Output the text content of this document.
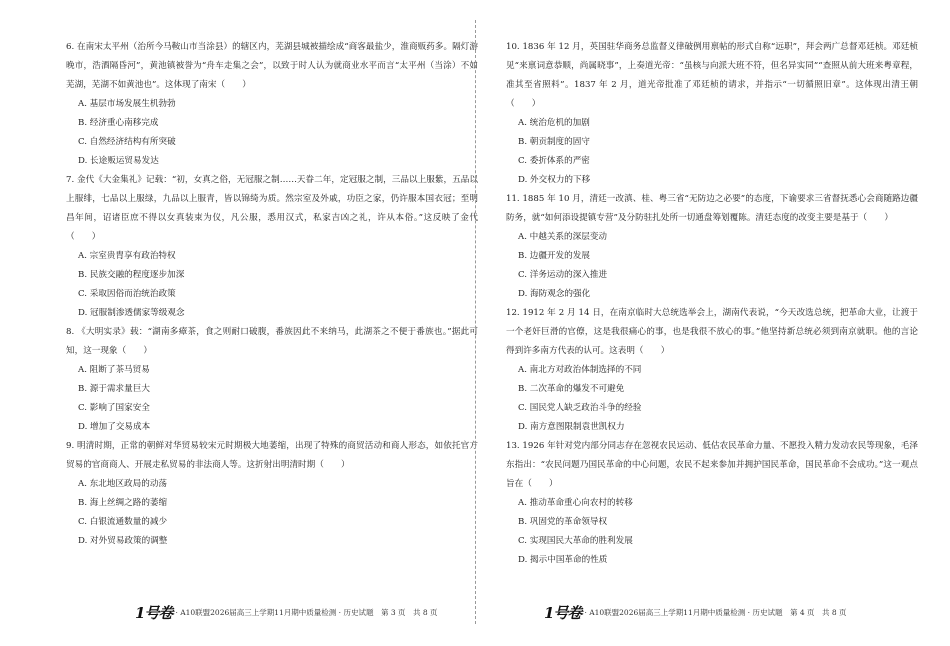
6. 在南宋太平州（治所今马鞍山市当涂县）的辖区内，芜湖县城被描绘成“商客最盐少，淮商贩药多。隔灯游晚市，浩酒隔昏河”，黄池镇被誉为“舟车走集之会”，以致于时人认为就商业水平而言“太平州（当涂）不如芜湖，芜湖不如黄池也”。这体现了南宋（　　）

A. 基层市场发展生机勃勃

B. 经济重心南移完成

C. 自然经济结构有所突破

D. 长途贩运贸易发达

7. 金代《大金集礼》记载：“初，女真之俗，无冠服之制……天眷二年，定冠服之制，三品以上服紫，五品以上服绯，七品以上服绿，九品以上服青，皆以锦绮为质。然宗室及外戚，功臣之家，仍许服本国衣冠；至明昌年间，诏诸臣庶不得以女真装束为仪，凡公服，悉用汉式，私家吉凶之礼，许从本俗。”这反映了金代（　　）

A. 宗室贵胄享有政治特权

B. 民族交融的程度逐步加深

C. 采取因俗而治统治政策

D. 冠服制渗透儒家等级观念

8. 《大明实录》载：“湖南多瘴茶，食之则耐口破腹，番族因此不来纳马，此湖茶之不便于番族也。”据此可知，这一现象（　　）

A. 阻断了茶马贸易

B. 源于需求量巨大

C. 影响了国家安全

D. 增加了交易成本

9. 明清时期，正常的朝鲜对华贸易较宋元时期极大地萎缩，出现了特殊的商贸活动和商人形态，如依托官方贸易的官商商人、开展走私贸易的非法商人等。这折射出明清时期（　　）

A. 东北地区政局的动荡

B. 海上丝绸之路的萎缩

C. 白银流通数量的减少

D. 对外贸易政策的调整

10. 1836 年 12 月，英国驻华商务总监督义律破例用禀帖的形式自称“远职”，拜会两广总督邓廷桢。邓廷桢见“来禀词意恭顺，尚属晓事”，上奏道光帝：“虽核与向派大班不符，但名异实同”“查照从前大班来粤章程，准其至省照料”。1837 年 2 月，道光帝批准了邓廷桢的请求，并指示“一切循照旧章”。这体现出清王朝（　　）

A. 统治危机的加剧

B. 朝贡制度的固守

C. 委折体系的严密

D. 外交权力的下移

11. 1885 年 10 月，清廷一改滇、桂、粤三省“无防边之必要”的态度，下谕要求三省督抚悉心会商随路边疆防务，就“如何添设提镇专营”及分防驻扎处所一切通盘筹划覆陈。清廷态度的改变主要是基于（　　）

A. 中越关系的深层变动

B. 边疆开发的发展

C. 洋务运动的深入推进

D. 海防观念的强化

12. 1912 年 2 月 14 日，在南京临时大总统选举会上，湖南代表说，“今天改选总统，把革命大业，让渡于一个老奸巨滑的官僚，这是我很痛心的事，也是我很不放心的事。”他坚持新总统必须到南京就职。他的言论得到许多南方代表的认可。这表明（　　）

A. 南北方对政治体制选择的不同

B. 二次革命的爆发不可避免

C. 国民党人缺乏政治斗争的经验

D. 南方意图限制袁世凯权力

13. 1926 年针对党内部分同志存在忽视农民运动、低估农民革命力量、不愿投入精力发动农民等现象，毛泽东指出：“农民问题乃国民革命的中心问题，农民不起来参加并拥护国民革命，国民革命不会成功。”这一观点旨在（　　）

A. 推动革命重心向农村的转移

B. 巩固党的革命领导权

C. 实现国民大革命的胜利发展

D. 揭示中国革命的性质

1号卷 · A10联盟2026届高三上学期11月期中质量检测 · 历史试题　第 3 页　共 8 页	1号卷 · A10联盟2026届高三上学期11月期中质量检测 · 历史试题　第 4 页　共 8 页
